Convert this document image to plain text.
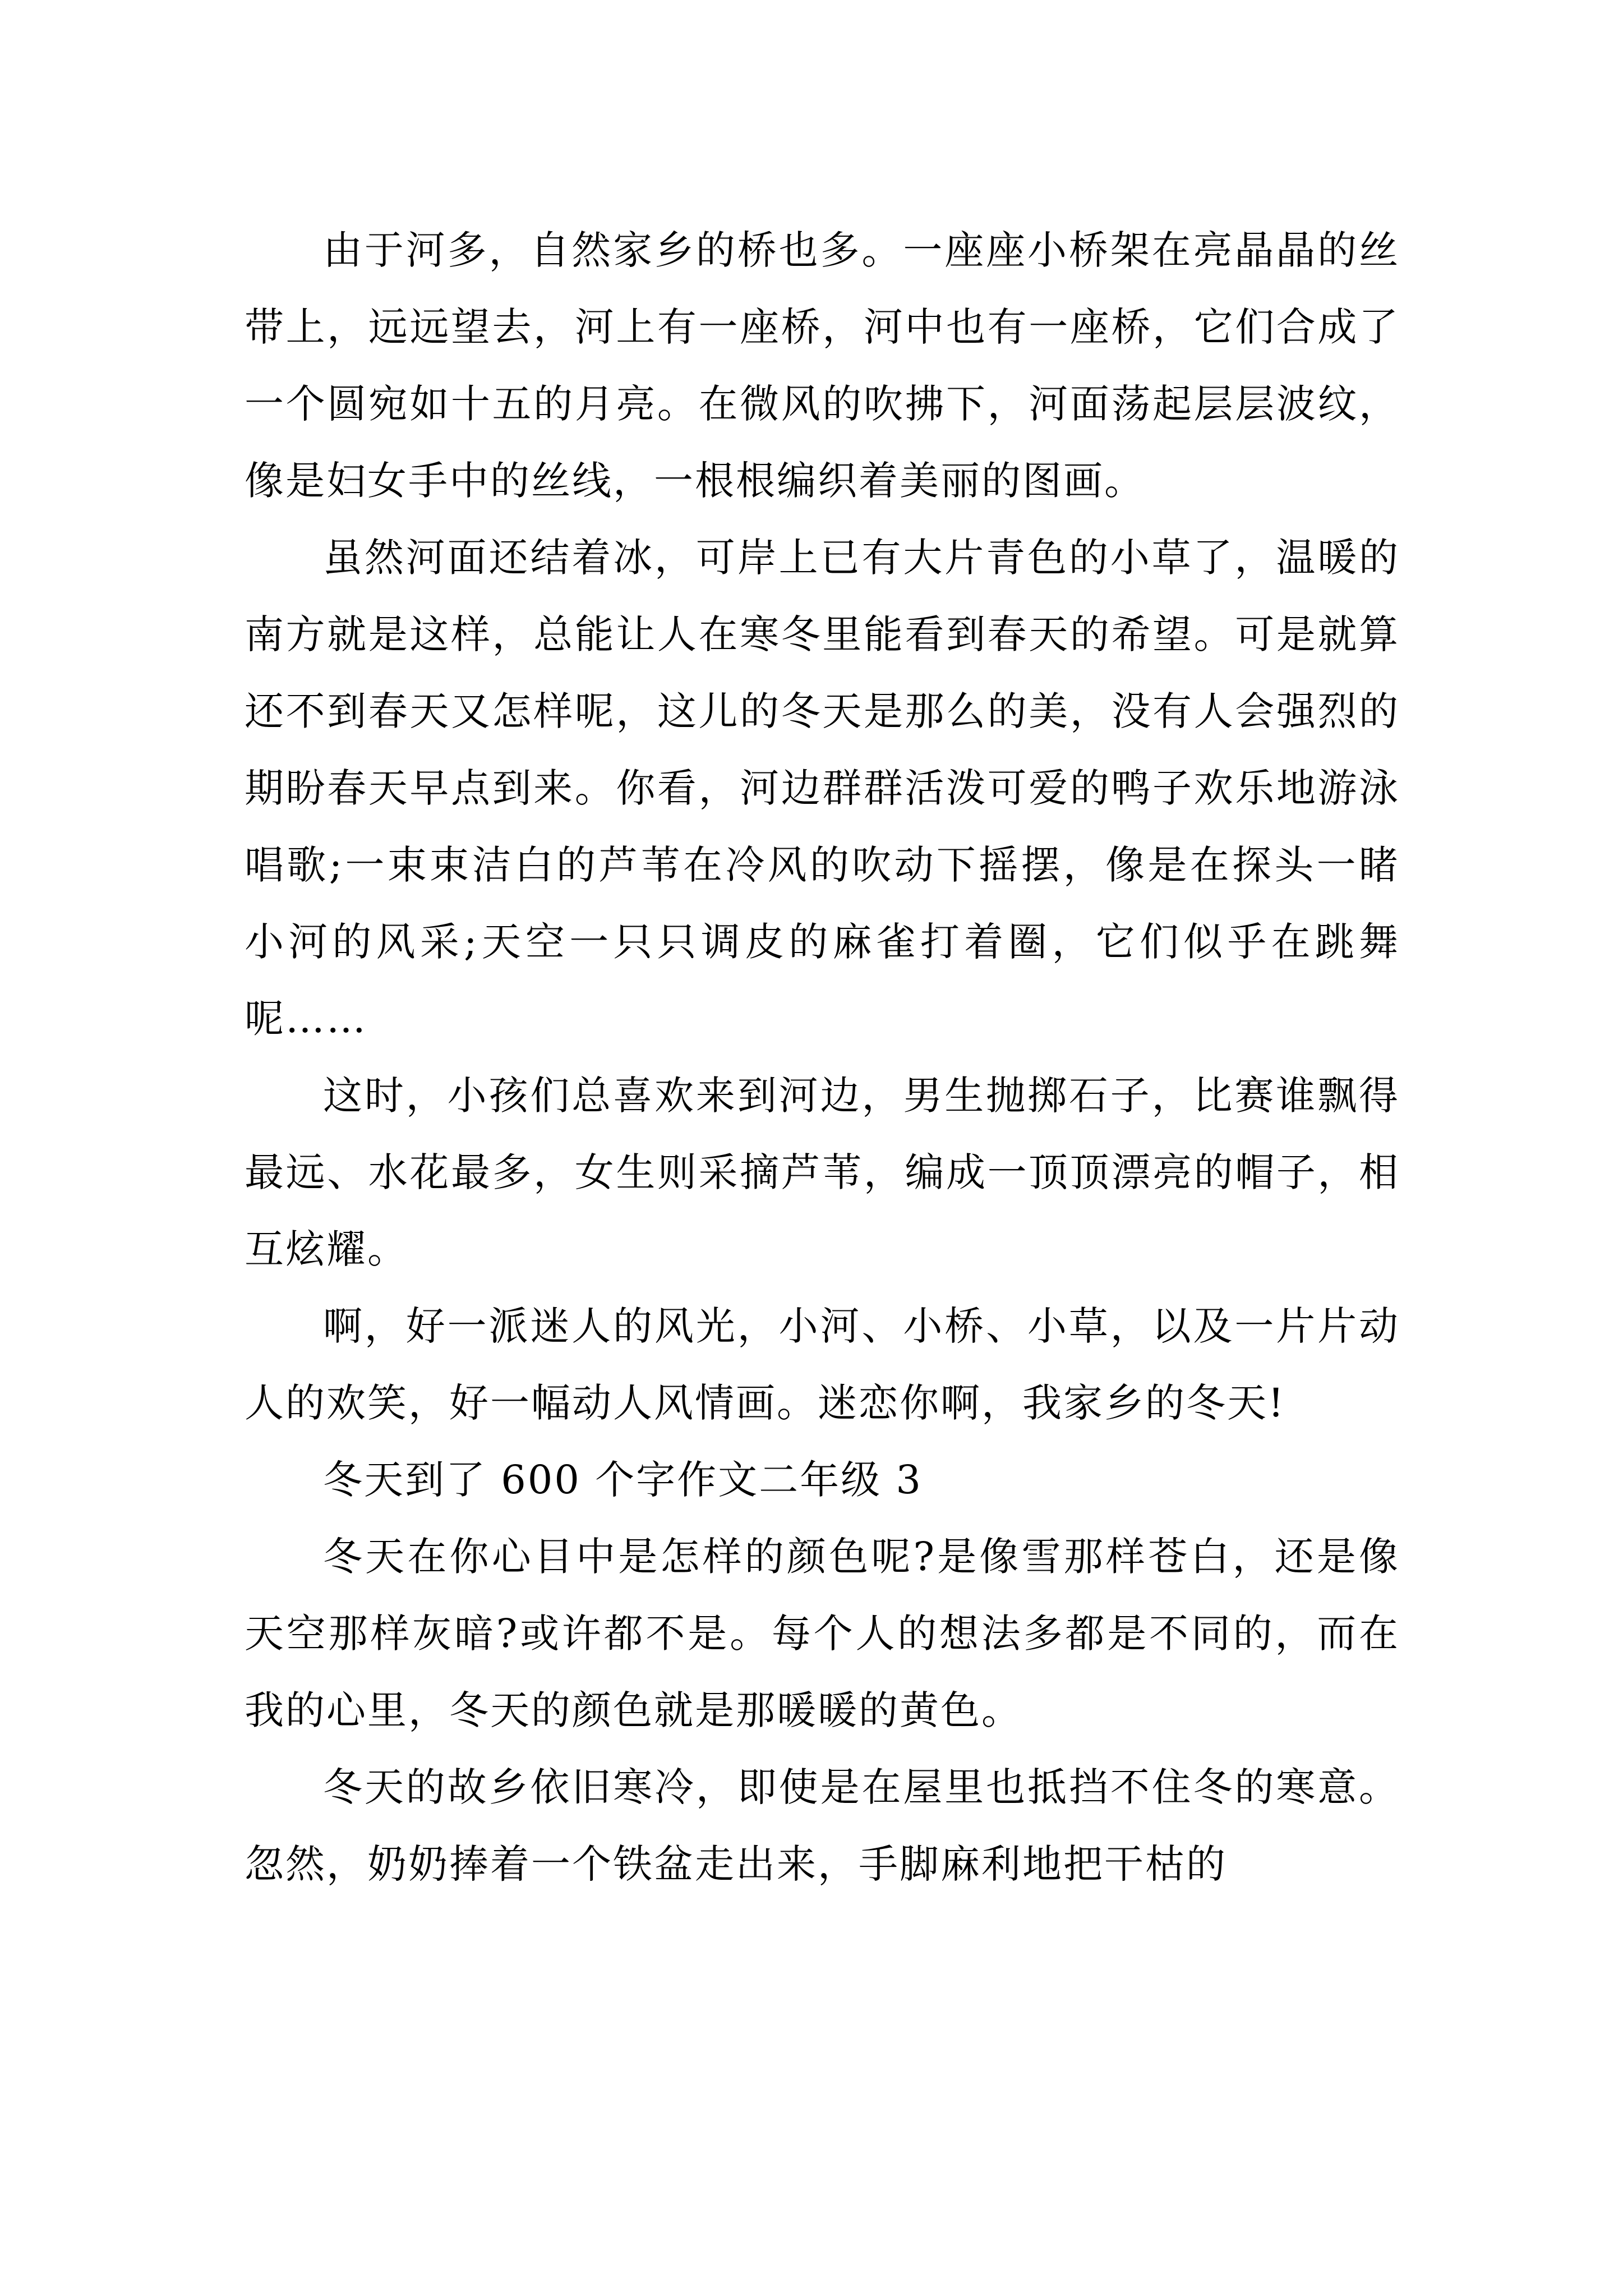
由于河多，自然家乡的桥也多。一座座小桥架在亮晶晶的丝带上，远远望去，河上有一座桥，河中也有一座桥，它们合成了一个圆宛如十五的月亮。在微风的吹拂下，河面荡起层层波纹，像是妇女手中的丝线，一根根编织着美丽的图画。

虽然河面还结着冰，可岸上已有大片青色的小草了，温暖的南方就是这样，总能让人在寒冬里能看到春天的希望。可是就算还不到春天又怎样呢，这儿的冬天是那么的美，没有人会强烈的期盼春天早点到来。你看，河边群群活泼可爱的鸭子欢乐地游泳唱歌;一束束洁白的芦苇在冷风的吹动下摇摆，像是在探头一睹小河的风采;天空一只只调皮的麻雀打着圈，它们似乎在跳舞呢……

这时，小孩们总喜欢来到河边，男生抛掷石子，比赛谁飘得最远、水花最多，女生则采摘芦苇，编成一顶顶漂亮的帽子，相互炫耀。

啊，好一派迷人的风光，小河、小桥、小草，以及一片片动人的欢笑，好一幅动人风情画。迷恋你啊，我家乡的冬天!

冬天到了 600 个字作文二年级 3

冬天在你心目中是怎样的颜色呢?是像雪那样苍白，还是像天空那样灰暗?或许都不是。每个人的想法多都是不同的，而在我的心里，冬天的颜色就是那暖暖的黄色。

冬天的故乡依旧寒冷，即使是在屋里也抵挡不住冬的寒意。忽然，奶奶捧着一个铁盆走出来，手脚麻利地把干枯的
